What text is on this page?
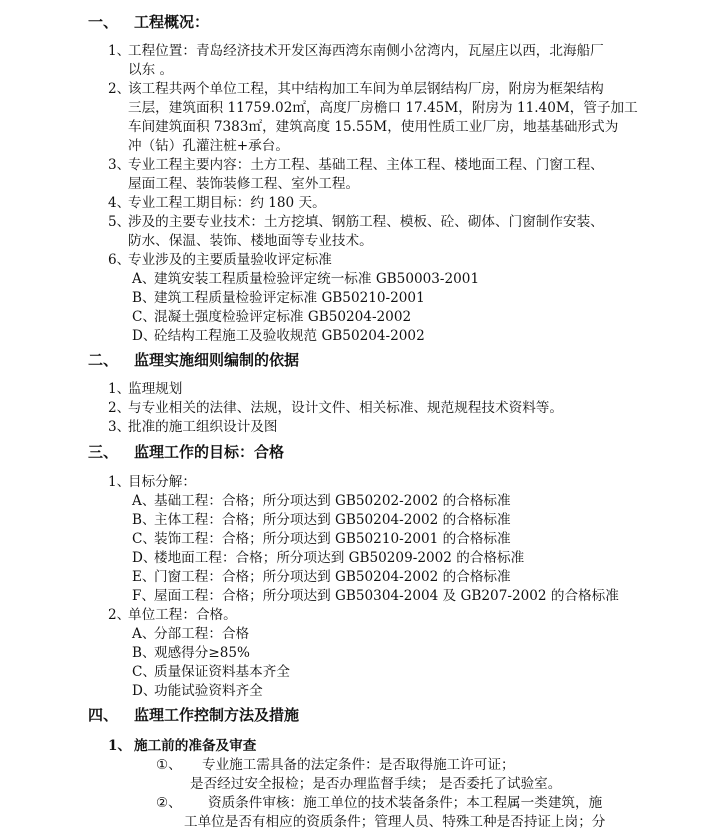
一、 工程概况：
1、工程位置：青岛经济技术开发区海西湾东南侧小岔湾内，瓦屋庄以西，北海船厂
以东 。
2、该工程共两个单位工程，其中结构加工车间为单层钢结构厂房，附房为框架结构
三层，建筑面积 11759.02㎡，高度厂房檐口 17.45M，附房为 11.40M，管子加工
车间建筑面积 7383㎡，建筑高度 15.55M，使用性质工业厂房，地基基础形式为
冲（钻）孔灌注桩+承台。
3、专业工程主要内容：土方工程、基础工程、主体工程、楼地面工程、门窗工程、
屋面工程、装饰装修工程、室外工程。
4、专业工程工期目标：约 180 天。
5、涉及的主要专业技术：土方挖填、钢筋工程、模板、砼、砌体、门窗制作安装、
防水、保温、装饰、楼地面等专业技术。
6、专业涉及的主要质量验收评定标准
A、建筑安装工程质量检验评定统一标准 GB50003-2001
B、建筑工程质量检验评定标准 GB50210-2001
C、混凝土强度检验评定标准 GB50204-2002
D、砼结构工程施工及验收规范 GB50204-2002
二、 监理实施细则编制的依据
1、监理规划
2、与专业相关的法律、法规，设计文件、相关标准、规范规程技术资料等。
3、批准的施工组织设计及图
三、 监理工作的目标：合格
1、目标分解：
A、基础工程：合格；所分项达到 GB50202-2002 的合格标准
B、主体工程：合格；所分项达到 GB50204-2002 的合格标准
C、装饰工程：合格；所分项达到 GB50210-2001 的合格标准
D、楼地面工程：合格；所分项达到 GB50209-2002 的合格标准
E、门窗工程：合格；所分项达到 GB50204-2002 的合格标准
F、屋面工程：合格；所分项达到 GB50304-2004 及 GB207-2002 的合格标准
2、单位工程：合格。
A、分部工程：合格
B、观感得分≥85%
C、质量保证资料基本齐全
D、功能试验资料齐全
四、 监理工作控制方法及措施
1、 施工前的准备及审查
①、 专业施工需具备的法定条件：是否取得施工许可证；
是否经过安全报检；是否办理监督手续； 是否委托了试验室。
②、 资质条件审核：施工单位的技术装备条件；本工程属一类建筑，施
工单位是否有相应的资质条件；管理人员、特殊工种是否持证上岗；分
